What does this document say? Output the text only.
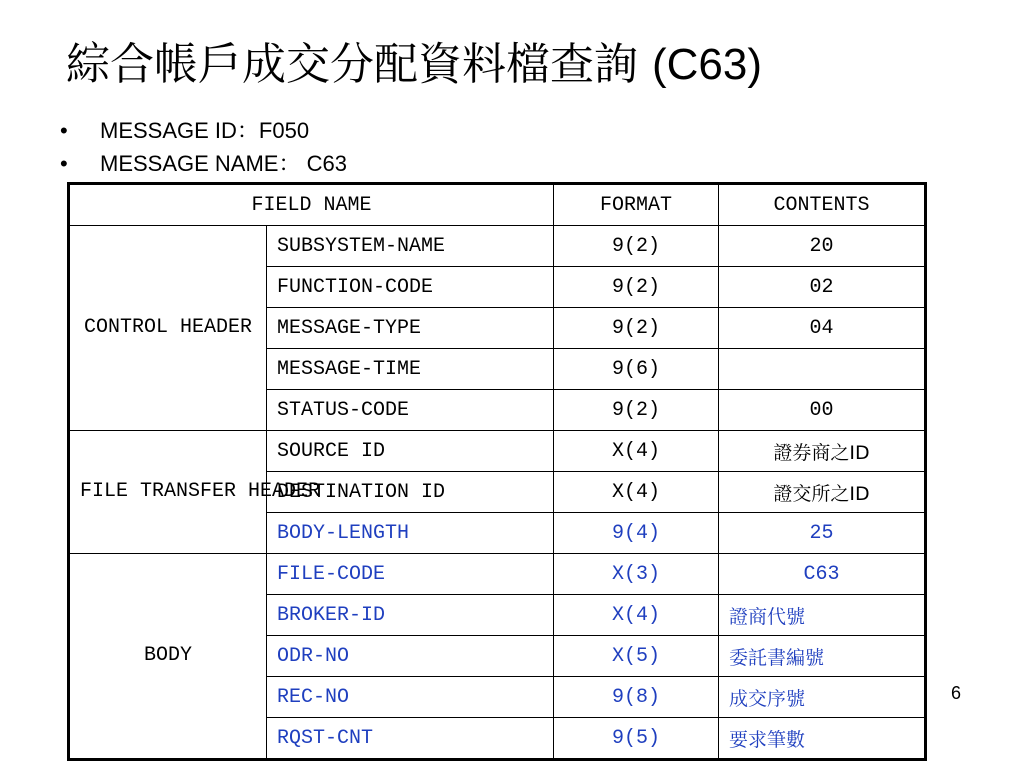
綜合帳戶成交分配資料檔查詢 (C63)
• MESSAGE ID：F050
• MESSAGE NAME： C63
FIELD NAME		FORMAT	CONTENTS
CONTROL HEADER	SUBSYSTEM-NAME	9(2)	20
	FUNCTION-CODE	9(2)	02
	MESSAGE-TYPE	9(2)	04
	MESSAGE-TIME	9(6)	
	STATUS-CODE	9(2)	00
FILE TRANSFER HEADER	SOURCE ID	X(4)	證券商之ID
	DESTINATION ID	X(4)	證交所之ID
	BODY-LENGTH	9(4)	25
BODY	FILE-CODE	X(3)	C63
	BROKER-ID	X(4)	證商代號
	ODR-NO	X(5)	委託書編號
	REC-NO	9(8)	成交序號
	RQST-CNT	9(5)	要求筆數
6
